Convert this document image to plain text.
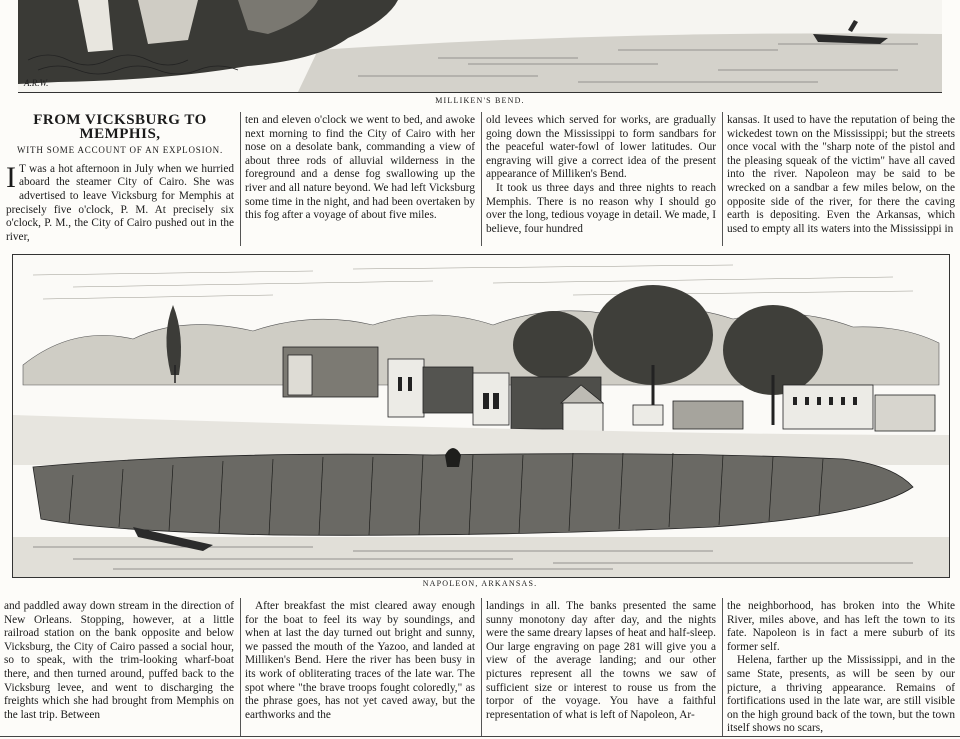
A.R.W.
MILLIKEN'S BEND.
FROM VICKSBURG TO MEMPHIS,
WITH SOME ACCOUNT OF AN EXPLOSION.

I T was a hot afternoon in July when we hurried aboard the steamer City of Cairo. She was advertised to leave Vicksburg for Memphis at precisely five o'clock, P. M. At precisely six o'clock, P. M., the City of Cairo pushed out in the river,

ten and eleven o'clock we went to bed, and awoke next morning to find the City of Cairo with her nose on a desolate bank, commanding a view of about three rods of alluvial wilderness in the foreground and a dense fog swallowing up the river and all nature beyond. We had left Vicksburg some time in the night, and had been overtaken by this fog after a voyage of about five miles.

old levees which served for works, are gradually going down the Mississippi to form sandbars for the peaceful water-fowl of lower latitudes. Our engraving will give a correct idea of the present appearance of Milliken's Bend.

It took us three days and three nights to reach Memphis. There is no reason why I should go over the long, tedious voyage in detail. We made, I believe, four hundred

kansas. It used to have the reputation of being the wickedest town on the Mississippi; but the streets once vocal with the "sharp note of the pistol and the pleasing squeak of the victim" have all caved into the river. Napoleon may be said to be wrecked on a sandbar a few miles below, on the opposite side of the river, for there the caving earth is depositing. Even the Arkansas, which used to empty all its waters into the Mississippi in

NAPOLEON, ARKANSAS.

and paddled away down stream in the direction of New Orleans. Stopping, however, at a little railroad station on the bank opposite and below Vicksburg, the City of Cairo passed a social hour, so to speak, with the trim-looking wharf-boat there, and then turned around, puffed back to the Vicksburg levee, and went to discharging the freights which she had brought from Memphis on the last trip. Between

After breakfast the mist cleared away enough for the boat to feel its way by soundings, and when at last the day turned out bright and sunny, we passed the mouth of the Yazoo, and landed at Milliken's Bend. Here the river has been busy in its work of obliterating traces of the late war. The spot where "the brave troops fought coloredly," as the phrase goes, has not yet caved away, but the earthworks and the

landings in all. The banks presented the same sunny monotony day after day, and the nights were the same dreary lapses of heat and half-sleep. Our large engraving on page 281 will give you a view of the average landing; and our other pictures represent all the towns we saw of sufficient size or interest to rouse us from the torpor of the voyage. You have a faithful representation of what is left of Napoleon, Ar-

the neighborhood, has broken into the White River, miles above, and has left the town to its fate. Napoleon is in fact a mere suburb of its former self.

Helena, farther up the Mississippi, and in the same State, presents, as will be seen by our picture, a thriving appearance. Remains of fortifications used in the late war, are still visible on the high ground back of the town, but the town itself shows no scars,
